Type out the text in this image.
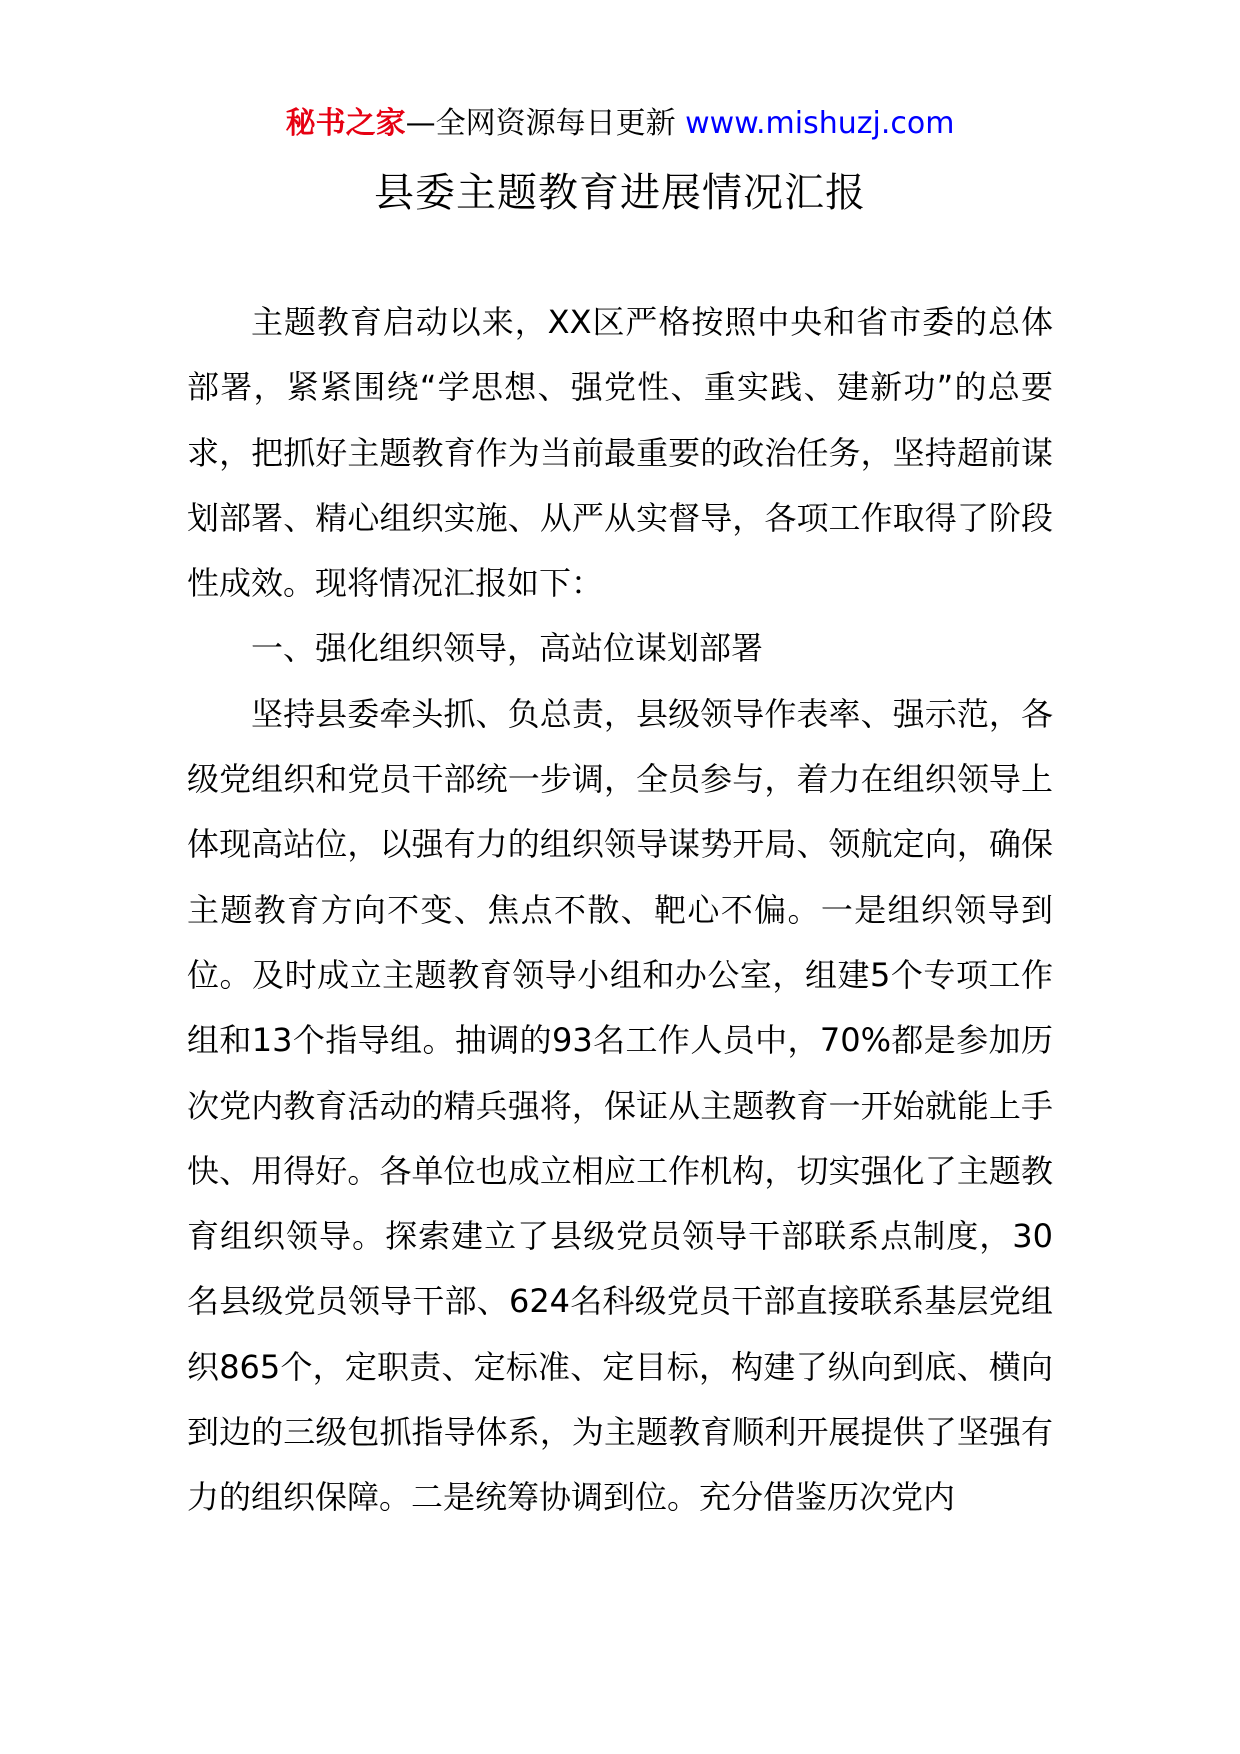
秘书之家—全网资源每日更新 www.mishuzj.com
县委主题教育进展情况汇报

主题教育启动以来，XX区严格按照中央和省市委的总体部署，紧紧围绕“学思想、强党性、重实践、建新功”的总要求，把抓好主题教育作为当前最重要的政治任务，坚持超前谋划部署、精心组织实施、从严从实督导，各项工作取得了阶段性成效。现将情况汇报如下：

一、强化组织领导，高站位谋划部署

坚持县委牵头抓、负总责，县级领导作表率、强示范，各级党组织和党员干部统一步调，全员参与，着力在组织领导上体现高站位，以强有力的组织领导谋势开局、领航定向，确保主题教育方向不变、焦点不散、靶心不偏。一是组织领导到位。及时成立主题教育领导小组和办公室，组建5个专项工作组和13个指导组。抽调的93名工作人员中，70%都是参加历次党内教育活动的精兵强将，保证从主题教育一开始就能上手快、用得好。各单位也成立相应工作机构，切实强化了主题教育组织领导。探索建立了县级党员领导干部联系点制度，30名县级党员领导干部、624名科级党员干部直接联系基层党组织865个，定职责、定标准、定目标，构建了纵向到底、横向到边的三级包抓指导体系，为主题教育顺利开展提供了坚强有力的组织保障。二是统筹协调到位。充分借鉴历次党内
